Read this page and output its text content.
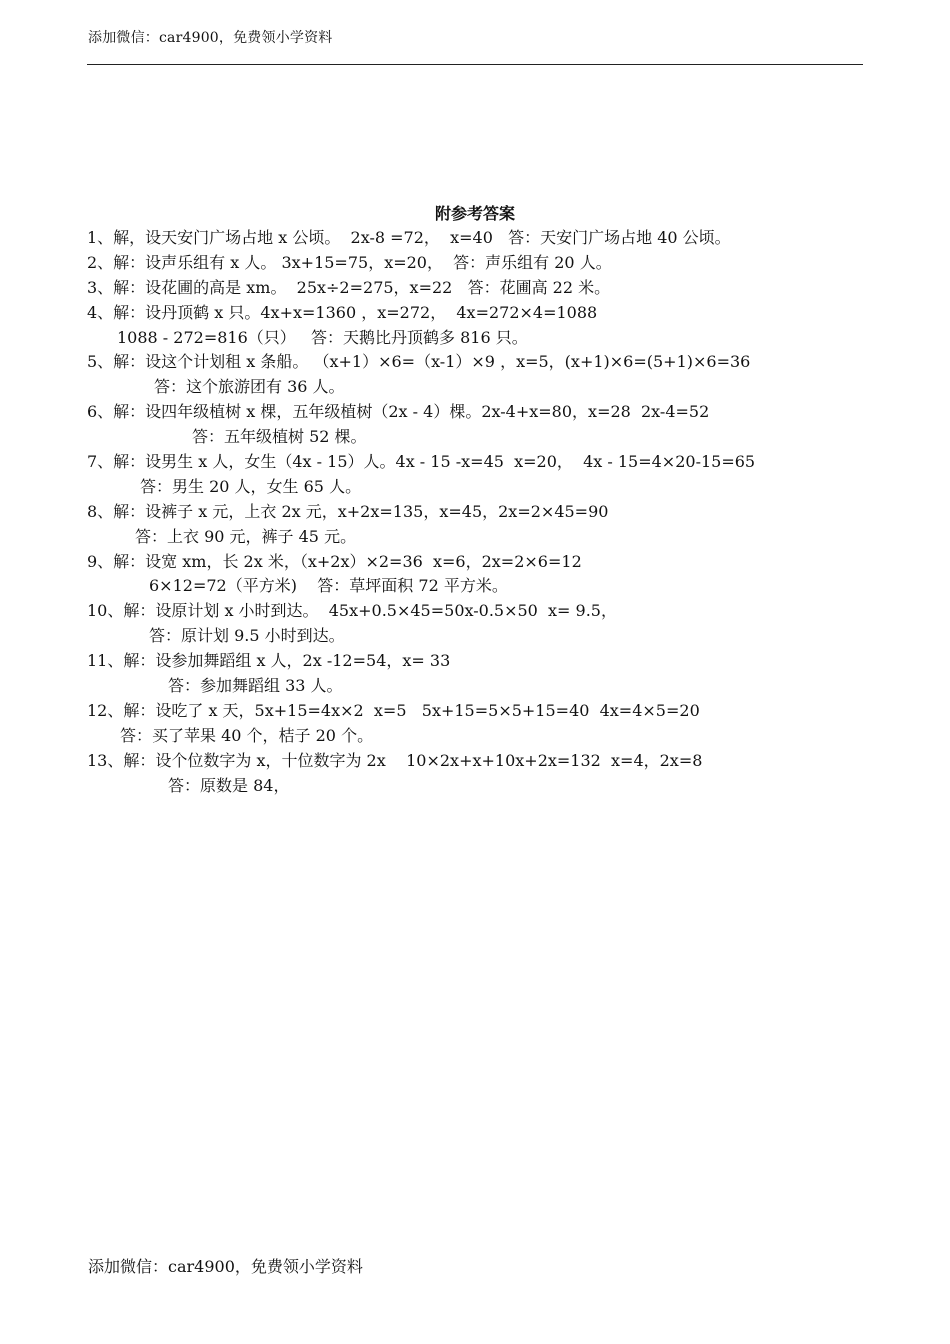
添加微信：car4900，免费领小学资料
附参考答案
1、解，设天安门广场占地 x 公顷。  2x-8 =72，  x=40   答：天安门广场占地 40 公顷。
2、解：设声乐组有 x 人。 3x+15=75，x=20，  答：声乐组有 20 人。
3、解：设花圃的高是 xm。  25x÷2=275，x=22   答：花圃高 22 米。
4、解：设丹顶鹤 x 只。4x+x=1360 ，x=272，  4x=272×4=1088
1088 - 272=816（只）   答：天鹅比丹顶鹤多 816 只。
5、解：设这个计划租 x 条船。 （x+1）×6=（x-1）×9 ，x=5，(x+1)×6=(5+1)×6=36
答：这个旅游团有 36 人。
6、解：设四年级植树 x 棵，五年级植树（2x - 4）棵。2x-4+x=80，x=28  2x-4=52
答：五年级植树 52 棵。
7、解：设男生 x 人，女生（4x - 15）人。4x - 15 -x=45  x=20，  4x - 15=4×20-15=65
答：男生 20 人，女生 65 人。
8、解：设裤子 x 元，上衣 2x 元，x+2x=135，x=45，2x=2×45=90
答：上衣 90 元，裤子 45 元。
9、解：设宽 xm，长 2x 米，（x+2x）×2=36  x=6，2x=2×6=12
6×12=72（平方米)    答：草坪面积 72 平方米。
10、解：设原计划 x 小时到达。  45x+0.5×45=50x-0.5×50  x= 9.5，
答：原计划 9.5 小时到达。
11、解：设参加舞蹈组 x 人，2x -12=54，x= 33
答：参加舞蹈组 33 人。
12、解：设吃了 x 天，5x+15=4x×2  x=5   5x+15=5×5+15=40  4x=4×5=20
答：买了苹果 40 个，桔子 20 个。
13、解：设个位数字为 x，十位数字为 2x    10×2x+x+10x+2x=132  x=4，2x=8
答：原数是 84，
添加微信：car4900，免费领小学资料
